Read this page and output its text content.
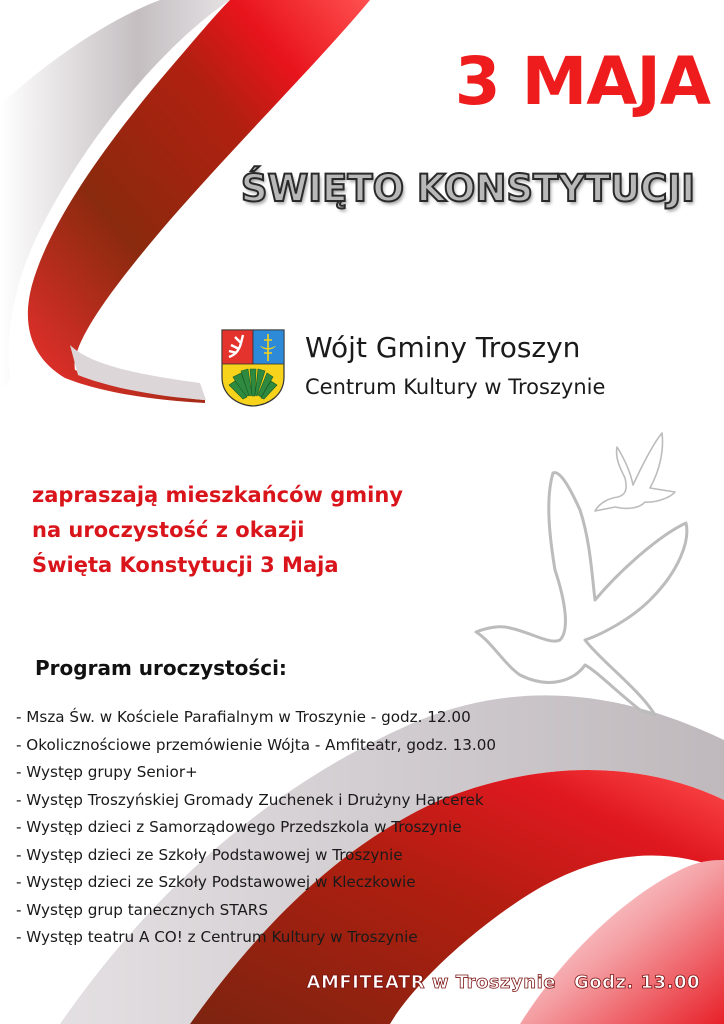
3 MAJA
ŚWIĘTO KONSTYTUCJI
Wójt Gminy Troszyn
Centrum Kultury w Troszynie
zapraszają mieszkańców gminy
na uroczystość z okazji
Święta Konstytucji 3 Maja
Program uroczystości:
- Msza Św. w Kościele Parafialnym w Troszynie - godz. 12.00
- Okolicznościowe przemówienie Wójta - Amfiteatr, godz. 13.00
- Występ grupy Senior+
- Występ Troszyńskiej Gromady Zuchenek i Drużyny Harcerek
- Występ dzieci z Samorządowego Przedszkola w Troszynie
- Występ dzieci ze Szkoły Podstawowej w Troszynie
- Występ dzieci ze Szkoły Podstawowej w Kleczkowie
- Występ grup tanecznych STARS
- Występ teatru A CO! z Centrum Kultury w Troszynie
AMFITEATR w Troszynie Godz. 13.00
